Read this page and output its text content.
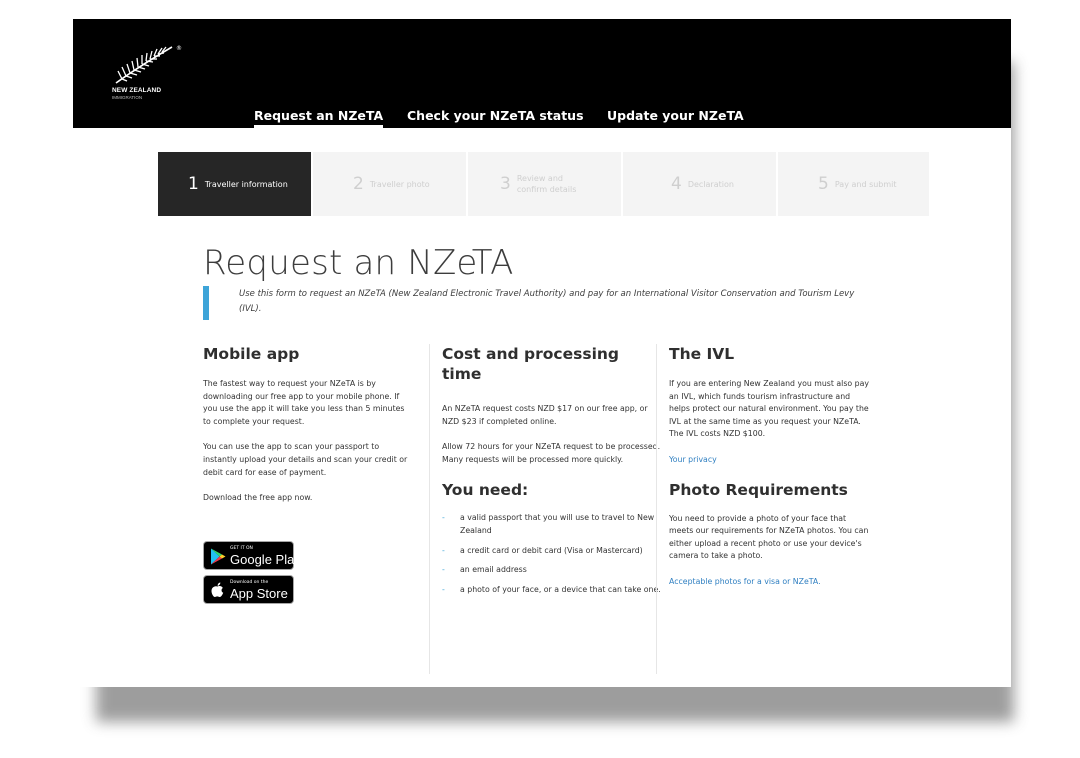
®
NEW ZEALAND
IMMIGRATION
Request an NZeTA Check your NZeTA status Update your NZeTA
1 Traveller information	2 Traveller photo	3 Review and confirm details	4 Declaration	5 Pay and submit
Request an NZeTA
Use this form to request an NZeTA (New Zealand Electronic Travel Authority) and pay for an International Visitor Conservation and Tourism Levy (IVL).
Mobile app

The fastest way to request your NZeTA is by downloading our free app to your mobile phone. If you use the app it will take you less than 5 minutes to complete your request.

You can use the app to scan your passport to instantly upload your details and scan your credit or debit card for ease of payment.

Download the free app now.

GET IT ON
Google Play
Download on the
App Store
Cost and processing time

An NZeTA request costs NZD $17 on our free app, or NZD $23 if completed online.

Allow 72 hours for your NZeTA request to be processed. Many requests will be processed more quickly.

You need:
- a valid passport that you will use to travel to New Zealand
- a credit card or debit card (Visa or Mastercard)
- an email address
- a photo of your face, or a device that can take one.
The IVL

If you are entering New Zealand you must also pay an IVL, which funds tourism infrastructure and helps protect our natural environment. You pay the IVL at the same time as you request your NZeTA. The IVL costs NZD $100.

Your privacy
Photo Requirements

You need to provide a photo of your face that meets our requirements for NZeTA photos. You can either upload a recent photo or use your device's camera to take a photo.

Acceptable photos for a visa or NZeTA.
